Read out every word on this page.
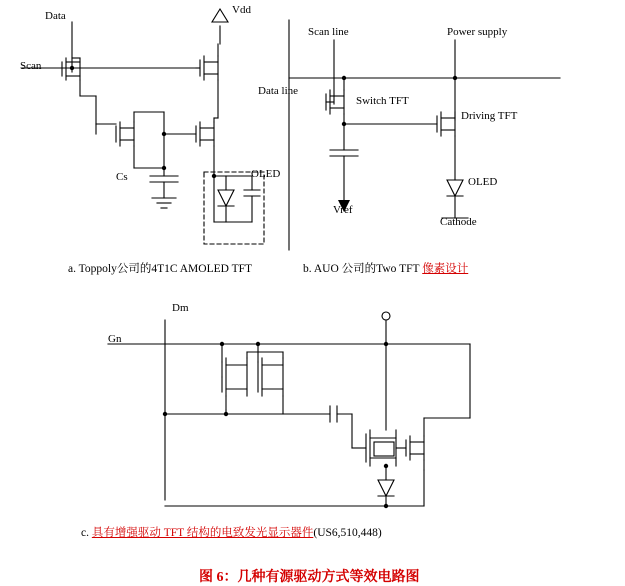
Data	Vdd
Scan
Cs	OLED
a. Toppoly公司的4T1C AMOLED TFT
Scan line	Power supply
Data line
Switch TFT
Driving TFT
Vref
OLED
Cathode
b. AUO 公司的Two TFT 像素设计
Dm
Gn
c. 具有增强驱动 TFT 结构的电致发光显示器件(US6,510,448)
图 6：几种有源驱动方式等效电路图
